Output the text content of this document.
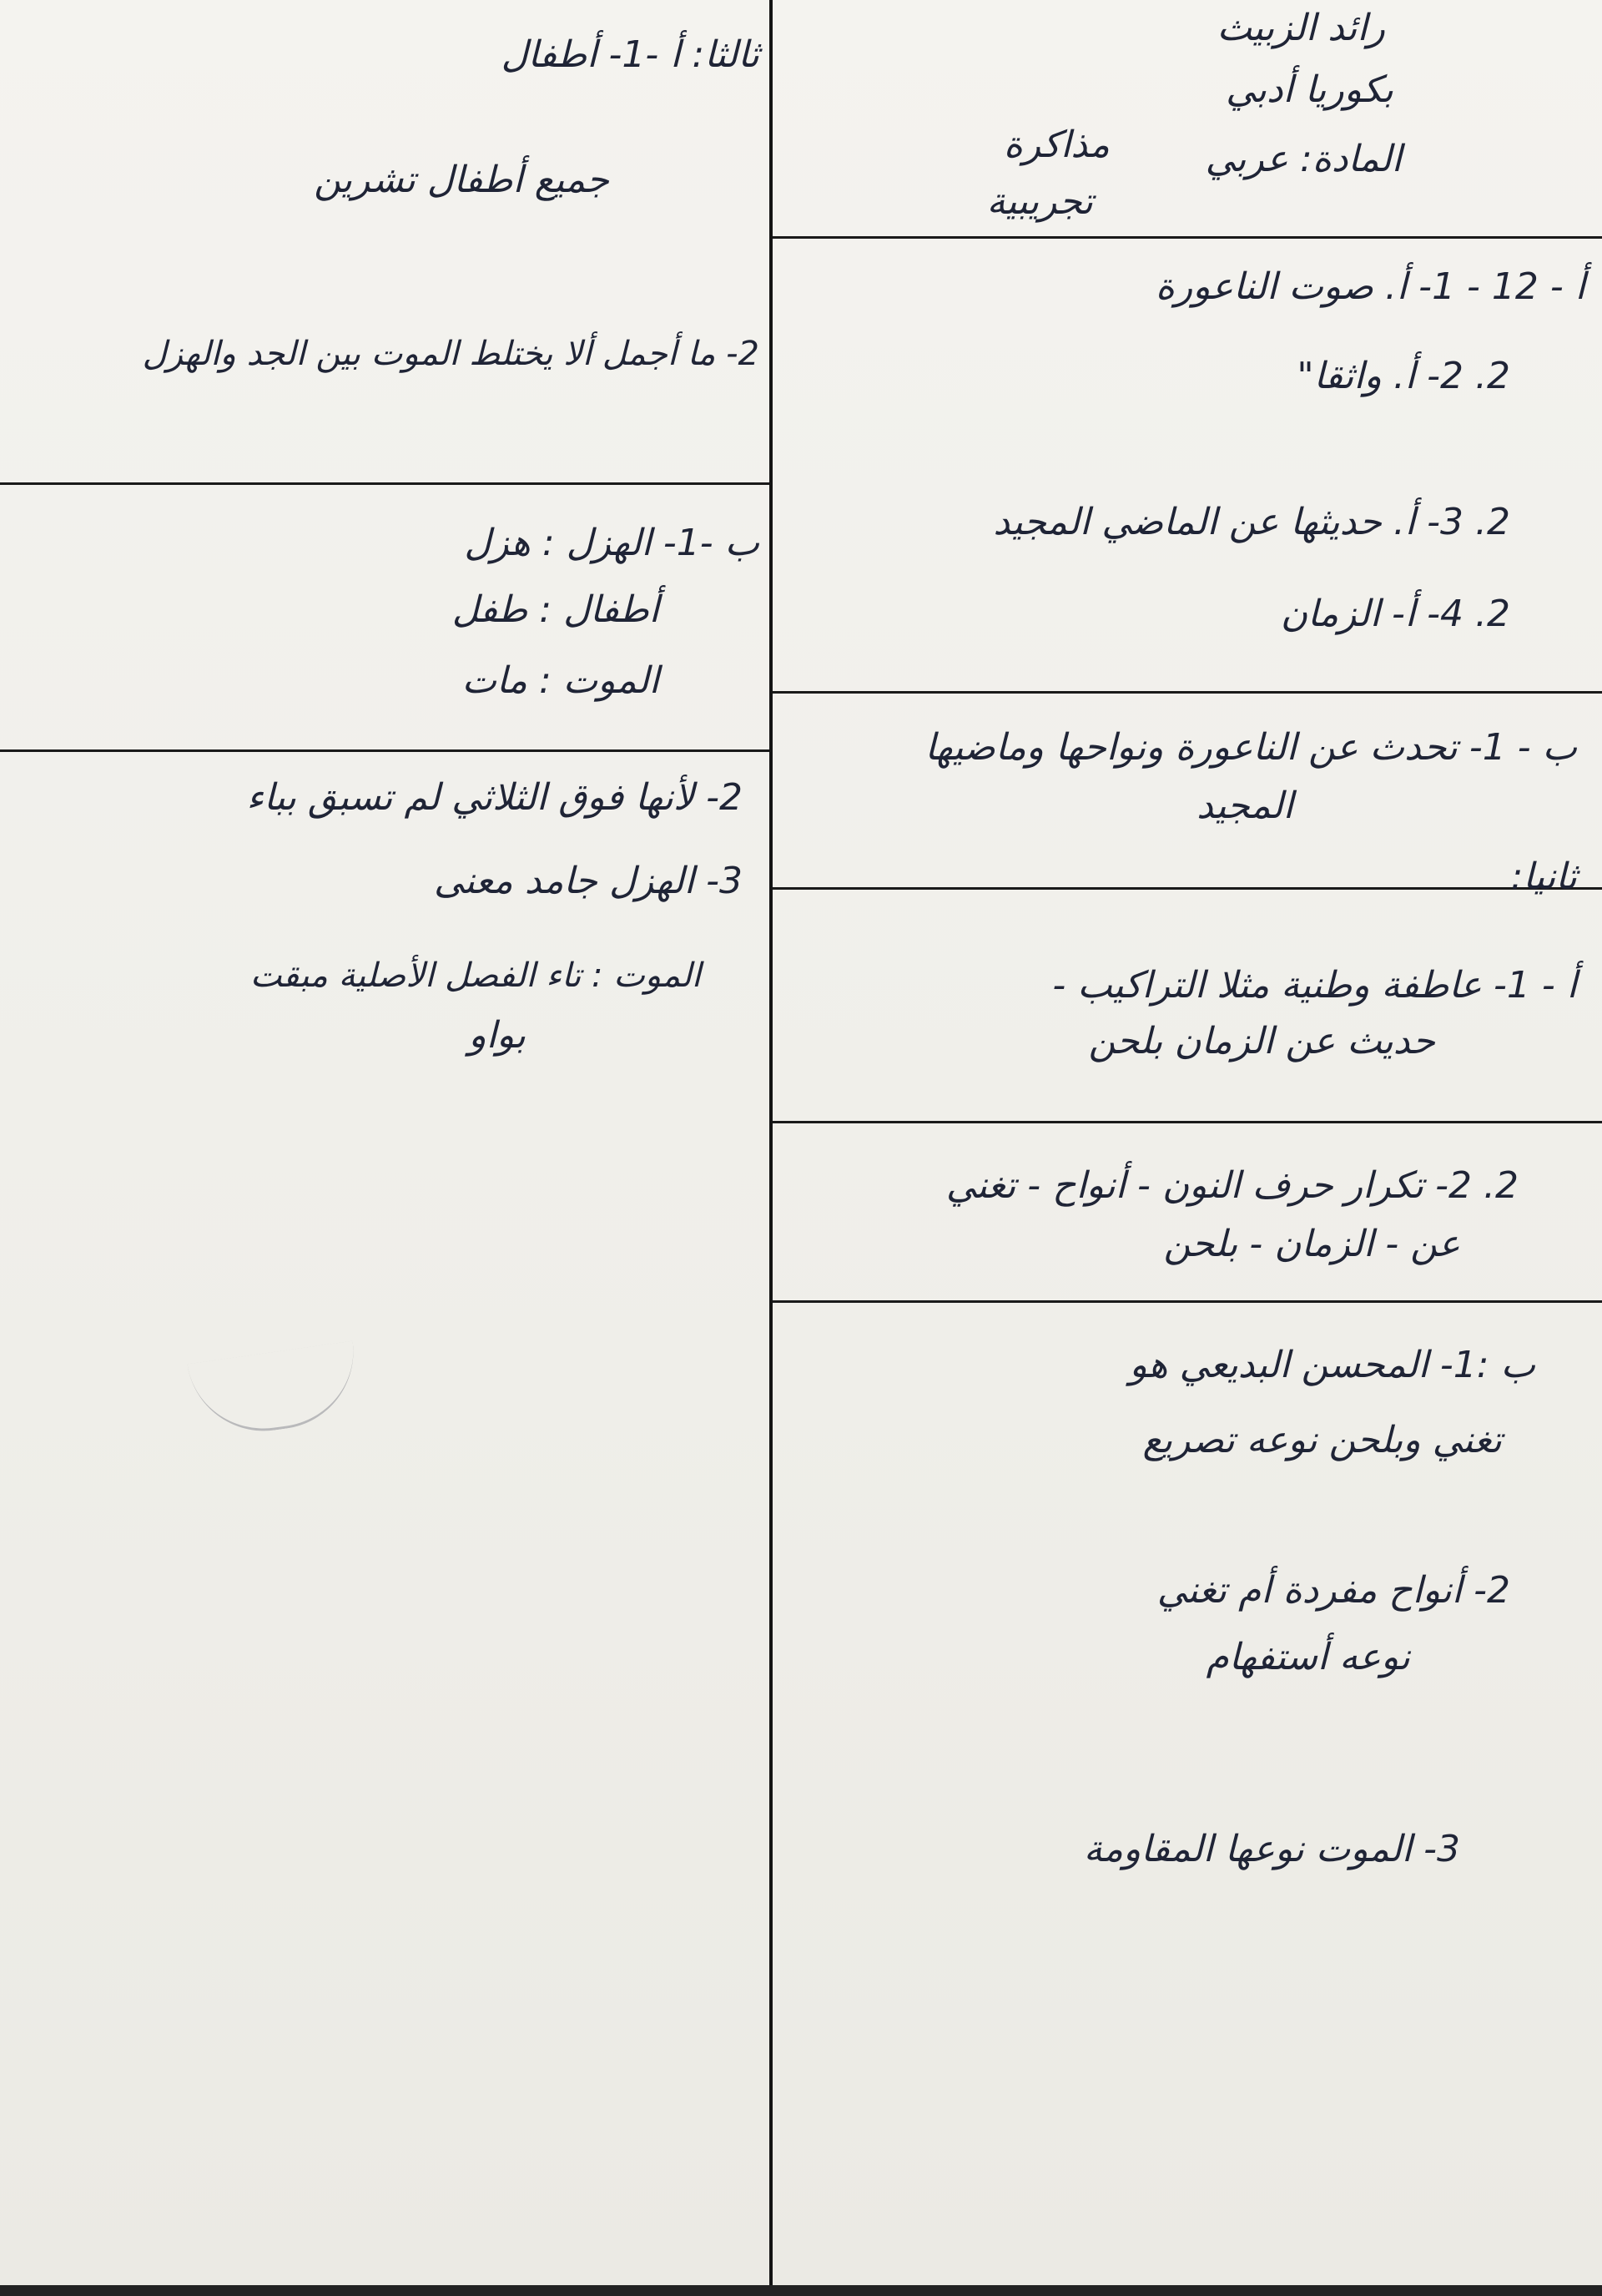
رائد الزبيث
بكوريا أدبي
المادة: عربي
مذاكرة
تجريبية
أ - 12 - 1- أ. صوت الناعورة
2. 2- أ. واثقا"
2. 3- أ. حديثها عن الماضي المجيد
2. 4- أ- الزمان
ب - 1- تحدث عن الناعورة ونواحها وماضيها
المجيد
ثانيا:
أ - 1- عاطفة وطنية مثلا التراكيب -
حديث عن الزمان بلحن
2. 2- تكرار حرف النون - أنواح - تغني
عن - الزمان - بلحن
ب :1- المحسن البديعي هو
تغني وبلحن نوعه تصريع
2- أنواح مفردة أم تغني
نوعه أستفهام
3- الموت نوعها المقاومة
ثالثا: أ -1- أطفال
جميع أطفال تشرين
2- ما أجمل ألا يختلط الموت بين الجد والهزل
ب -1- الهزل : هزل
أطفال : طفل
الموت : مات
2- لأنها فوق الثلاثي لم تسبق بباء
3- الهزل جامد معنى
الموت : تاء الفصل الأصلية مبقت
بواو
